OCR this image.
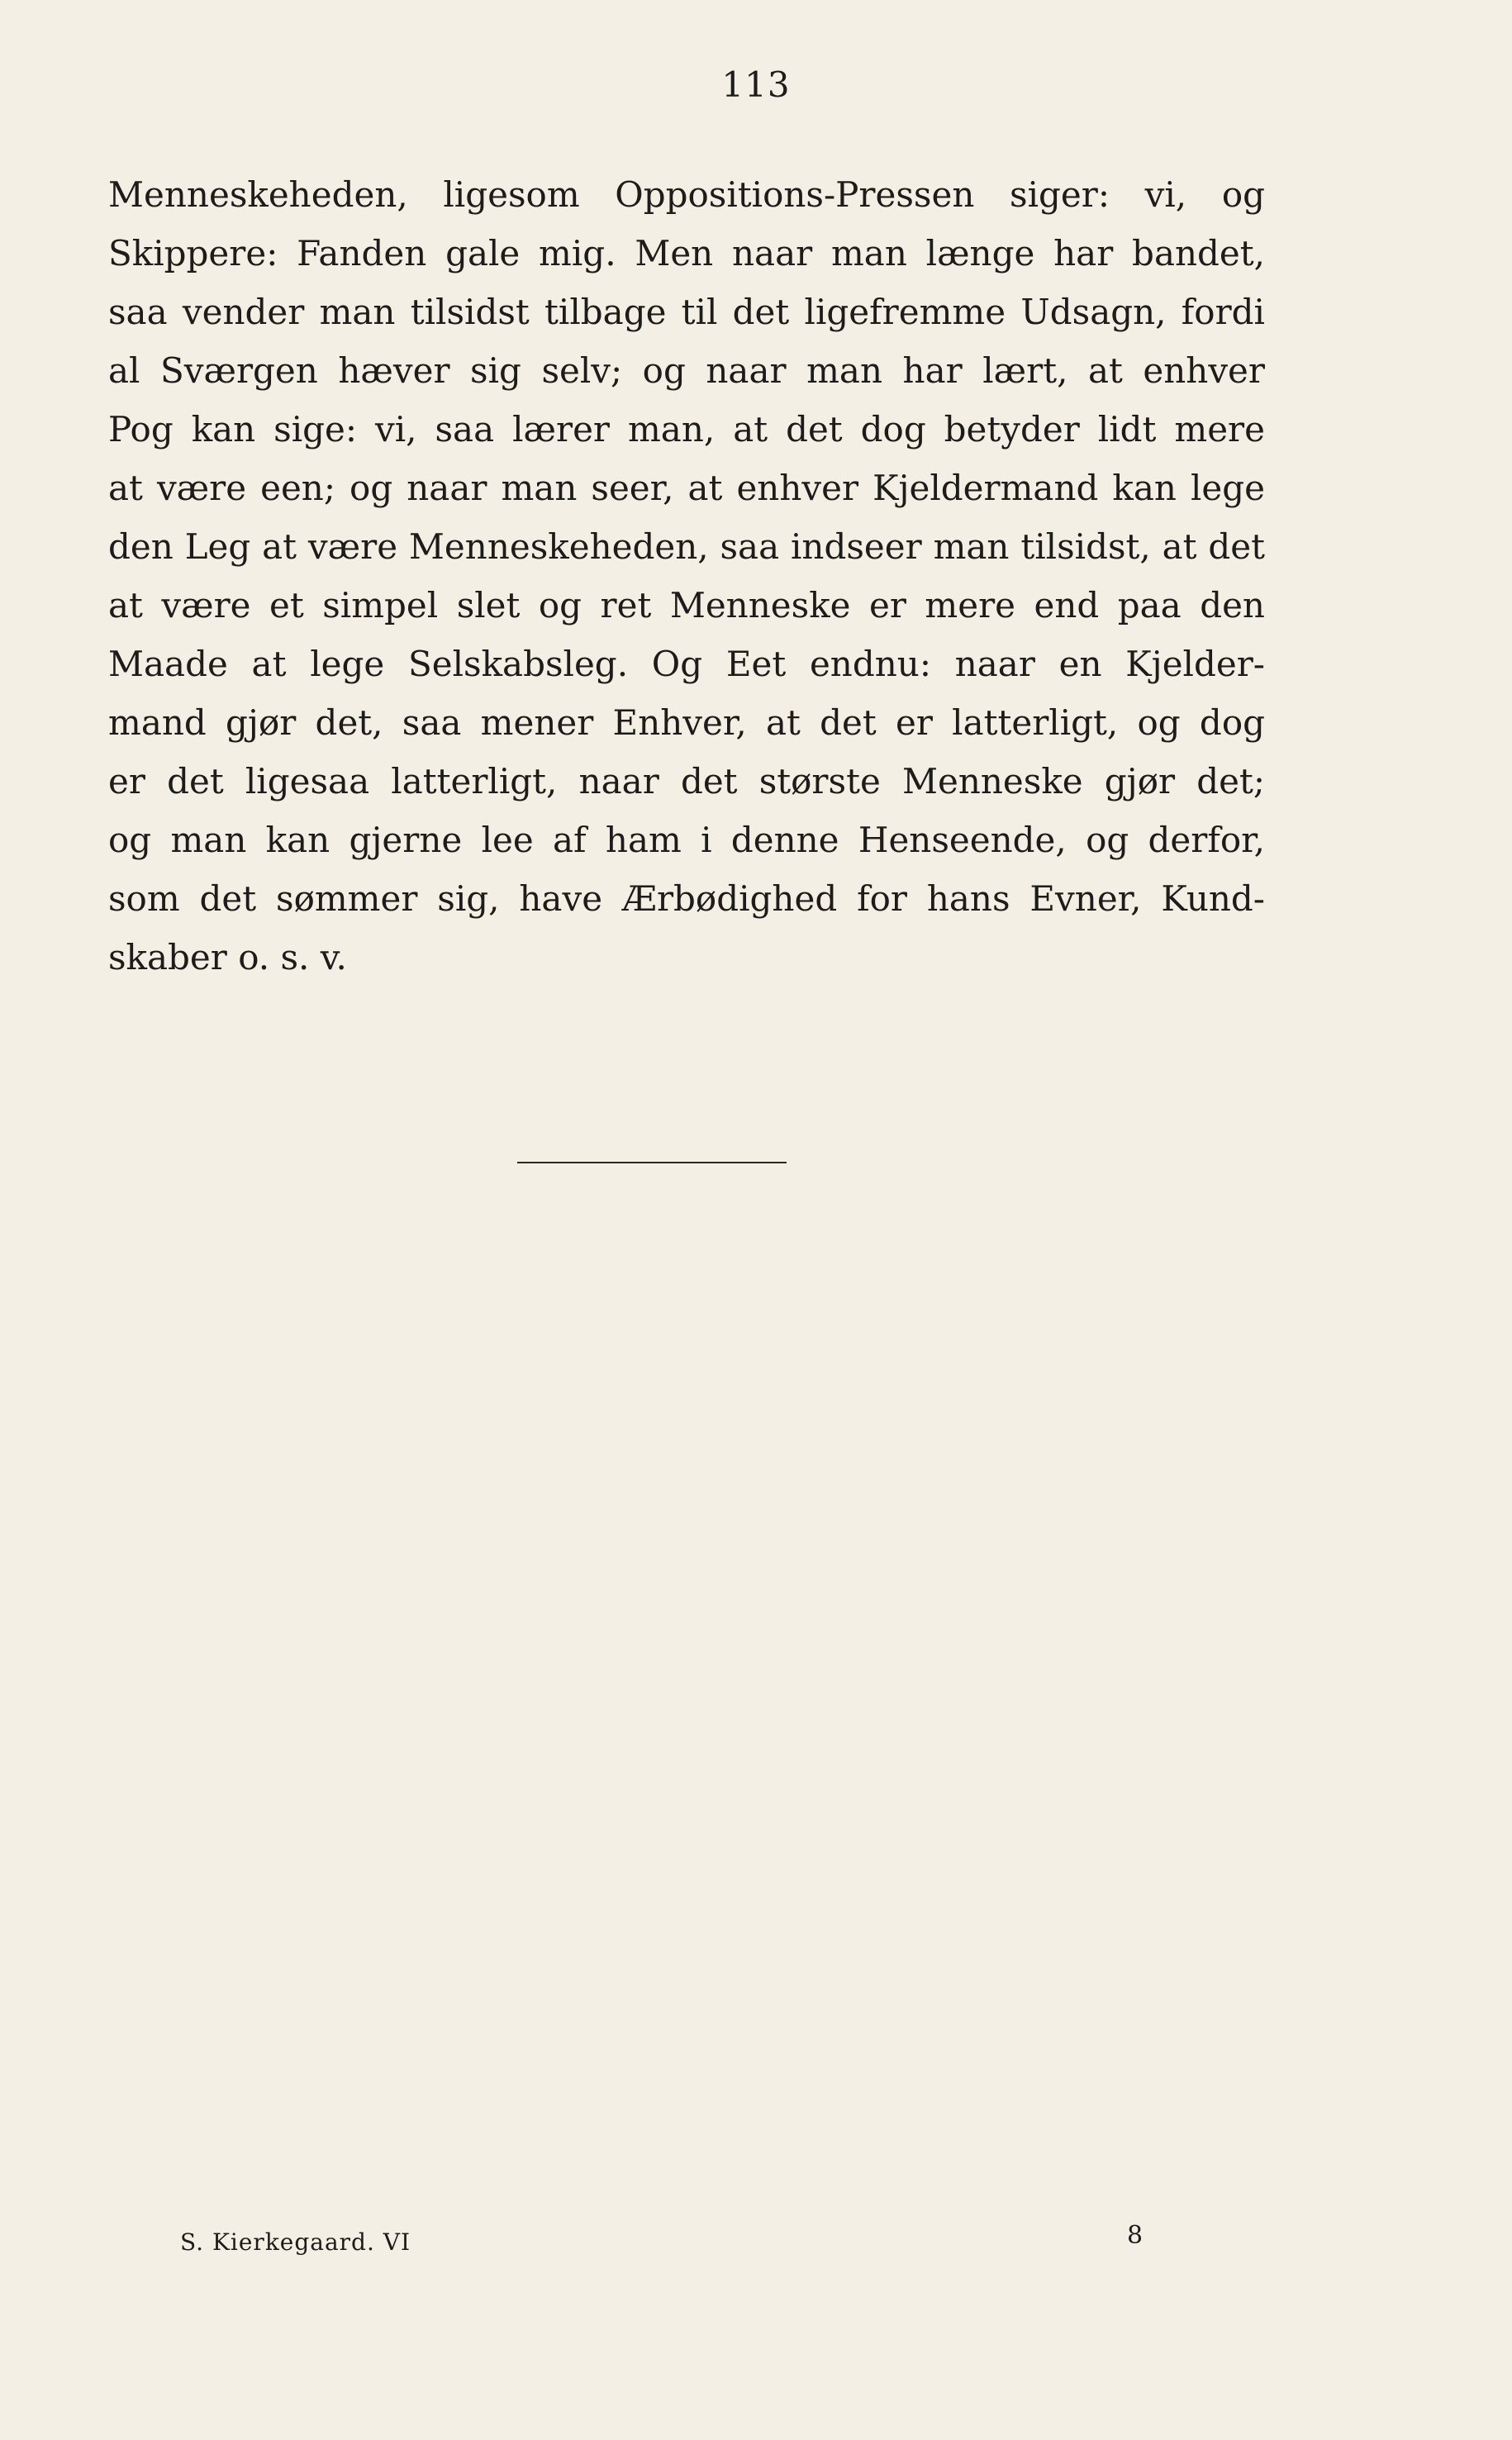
113
Menneskeheden, ligesom Oppositions-Pressen siger: vi, og
Skippere: Fanden gale mig. Men naar man længe har bandet,
saa vender man tilsidst tilbage til det ligefremme Udsagn, fordi
al Sværgen hæver sig selv; og naar man har lært, at enhver
Pog kan sige: vi, saa lærer man, at det dog betyder lidt mere
at være een; og naar man seer, at enhver Kjeldermand kan lege
den Leg at være Menneskeheden, saa indseer man tilsidst, at det
at være et simpel slet og ret Menneske er mere end paa den
Maade at lege Selskabsleg. Og Eet endnu: naar en Kjelder-
mand gjør det, saa mener Enhver, at det er latterligt, og dog
er det ligesaa latterligt, naar det største Menneske gjør det;
og man kan gjerne lee af ham i denne Henseende, og derfor,
som det sømmer sig, have Ærbødighed for hans Evner, Kund-
skaber o. s. v.
S. Kierkegaard. VI	8
